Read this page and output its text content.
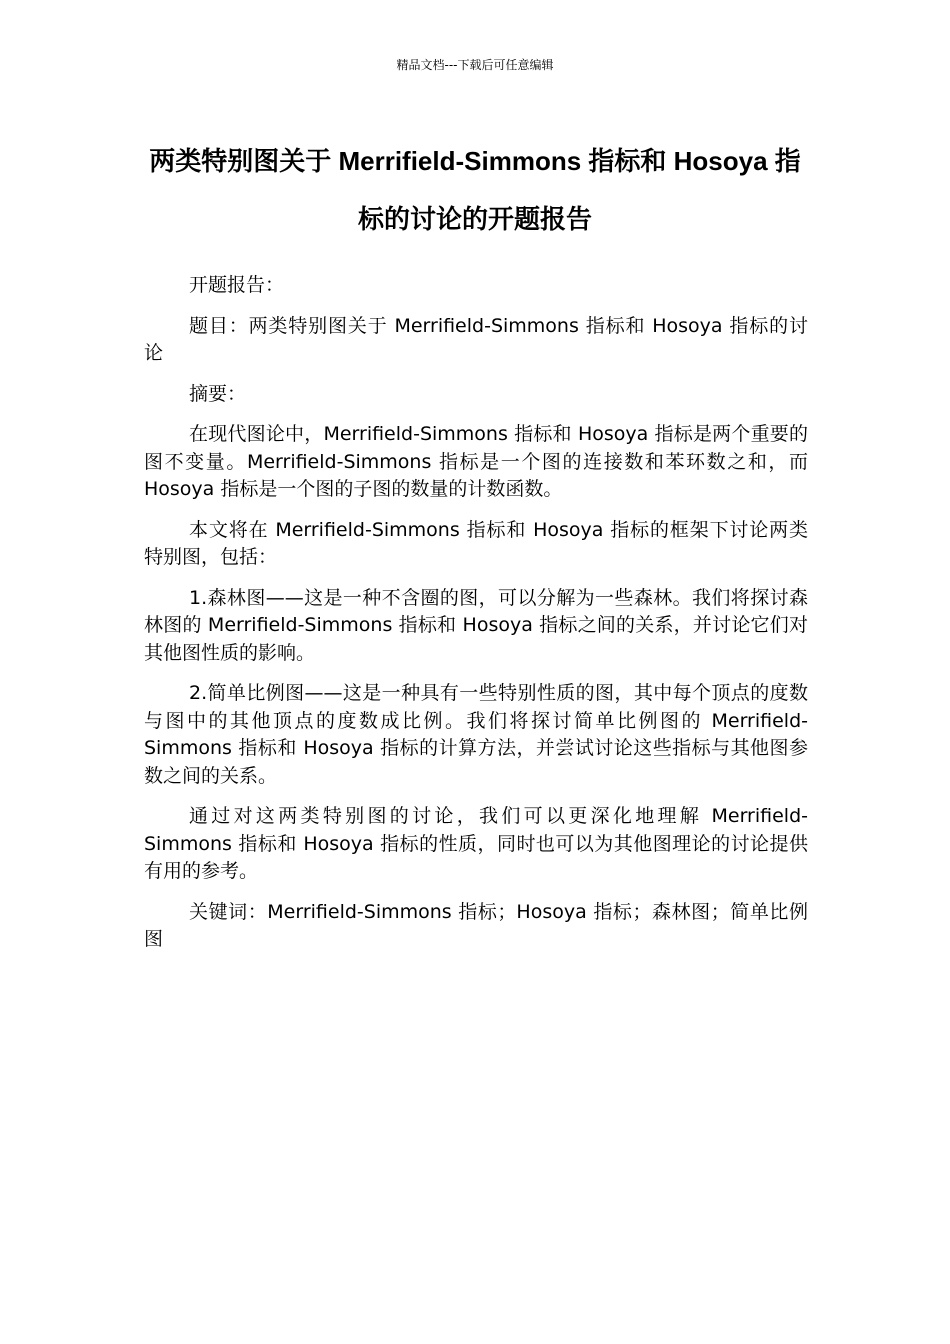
精品文档---下载后可任意编辑
两类特别图关于 Merrifield-Simmons 指标和 Hosoya 指标的讨论的开题报告

开题报告：

题目：两类特别图关于 Merrifield-Simmons 指标和 Hosoya 指标的讨论

摘要：

在现代图论中，Merrifield-Simmons 指标和 Hosoya 指标是两个重要的图不变量。Merrifield-Simmons 指标是一个图的连接数和苯环数之和，而 Hosoya 指标是一个图的子图的数量的计数函数。

本文将在 Merrifield-Simmons 指标和 Hosoya 指标的框架下讨论两类特别图，包括：

1.森林图——这是一种不含圈的图，可以分解为一些森林。我们将探讨森林图的 Merrifield-Simmons 指标和 Hosoya 指标之间的关系，并讨论它们对其他图性质的影响。

2.简单比例图——这是一种具有一些特别性质的图，其中每个顶点的度数与图中的其他顶点的度数成比例。我们将探讨简单比例图的 Merrifield-Simmons 指标和 Hosoya 指标的计算方法，并尝试讨论这些指标与其他图参数之间的关系。

通过对这两类特别图的讨论，我们可以更深化地理解 Merrifield-Simmons 指标和 Hosoya 指标的性质，同时也可以为其他图理论的讨论提供有用的参考。

关键词：Merrifield-Simmons 指标；Hosoya 指标；森林图；简单比例图
